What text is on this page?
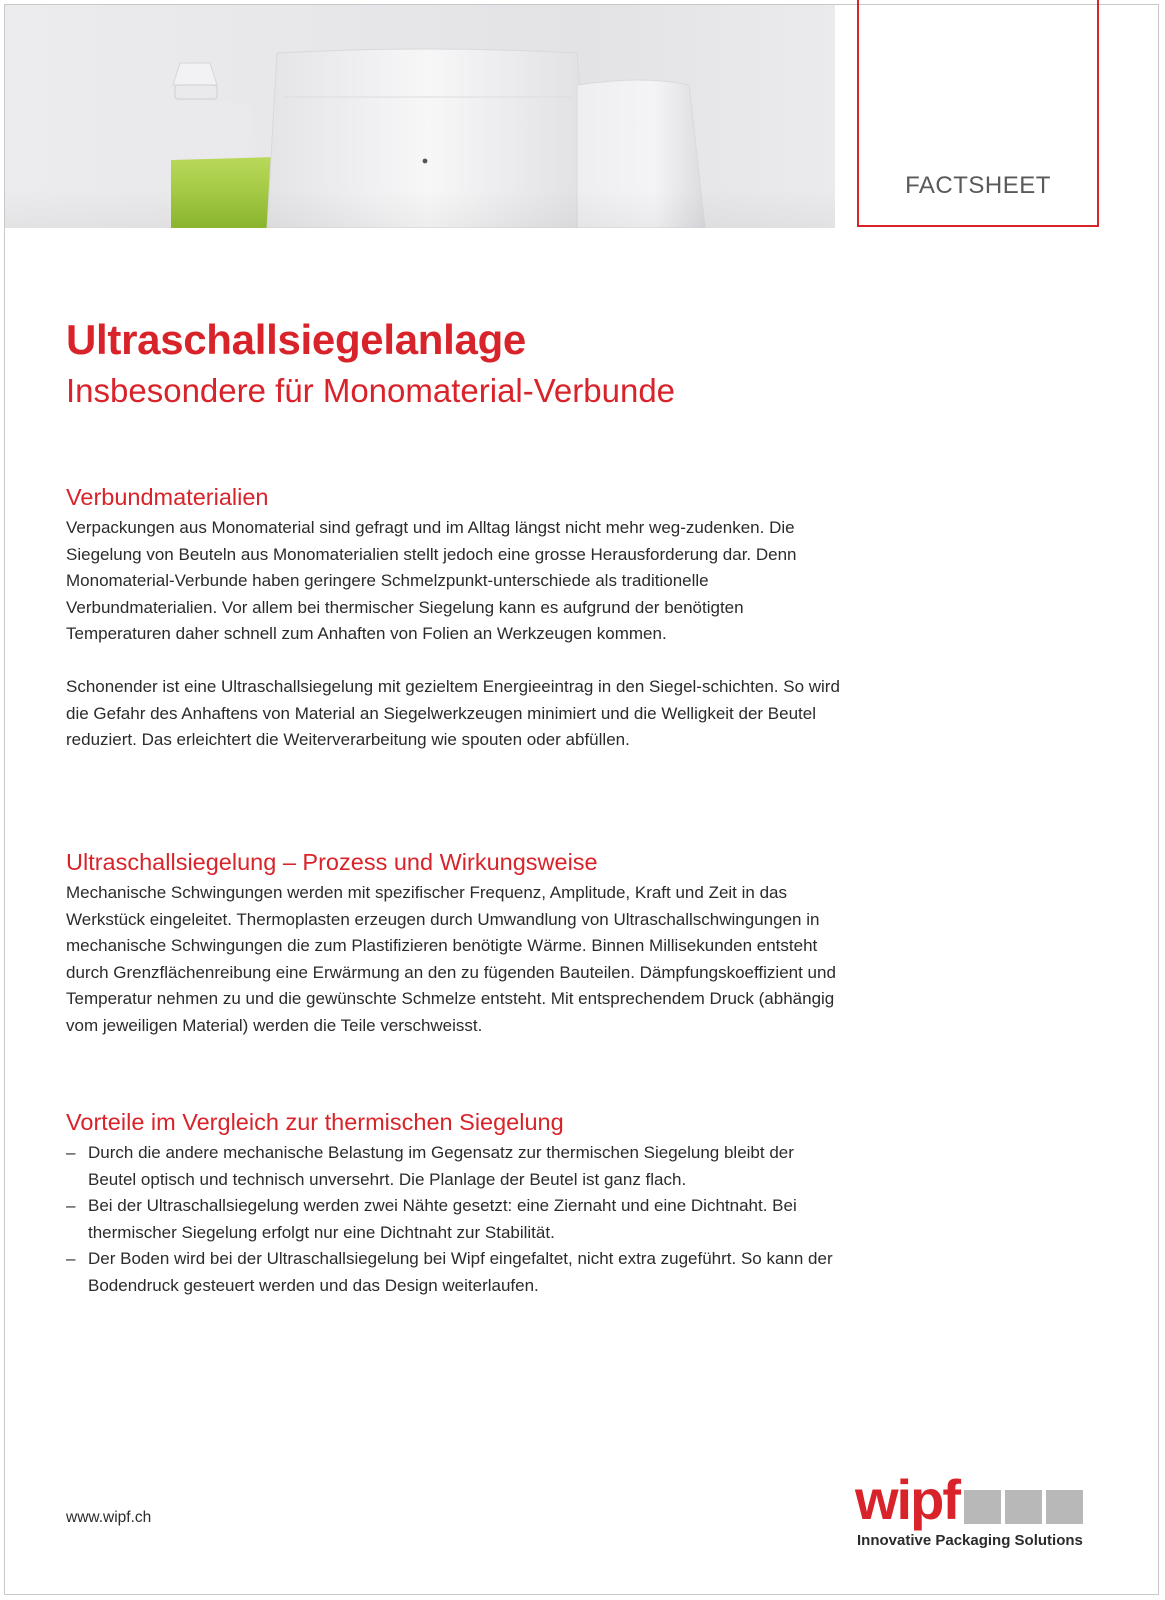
FACTSHEET
Ultraschallsiegelanlage
Insbesondere für Monomaterial-Verbunde
Verbundmaterialien

Verpackungen aus Monomaterial sind gefragt und im Alltag längst nicht mehr weg-zudenken. Die Siegelung von Beuteln aus Monomaterialien stellt jedoch eine grosse Herausforderung dar. Denn Monomaterial-Verbunde haben geringere Schmelzpunkt-unterschiede als traditionelle Verbundmaterialien. Vor allem bei thermischer Siegelung kann es aufgrund der benötigten Temperaturen daher schnell zum Anhaften von Folien an Werkzeugen kommen.

Schonender ist eine Ultraschallsiegelung mit gezieltem Energieeintrag in den Siegel-schichten. So wird die Gefahr des Anhaftens von Material an Siegelwerkzeugen minimiert und die Welligkeit der Beutel reduziert. Das erleichtert die Weiterverarbeitung wie spouten oder abfüllen.

Ultraschallsiegelung – Prozess und Wirkungsweise

Mechanische Schwingungen werden mit spezifischer Frequenz, Amplitude, Kraft und Zeit in das Werkstück eingeleitet. Thermoplasten erzeugen durch Umwandlung von Ultraschallschwingungen in mechanische Schwingungen die zum Plastifizieren benötigte Wärme. Binnen Millisekunden entsteht durch Grenzflächenreibung eine Erwärmung an den zu fügenden Bauteilen. Dämpfungskoeffizient und Temperatur nehmen zu und die gewünschte Schmelze entsteht. Mit entsprechendem Druck (abhängig vom jeweiligen Material) werden die Teile verschweisst.

Vorteile im Vergleich zur thermischen Siegelung
– Durch die andere mechanische Belastung im Gegensatz zur thermischen Siegelung bleibt der Beutel optisch und technisch unversehrt. Die Planlage der Beutel ist ganz flach.
– Bei der Ultraschallsiegelung werden zwei Nähte gesetzt: eine Ziernaht und eine Dichtnaht. Bei thermischer Siegelung erfolgt nur eine Dichtnaht zur Stabilität.
– Der Boden wird bei der Ultraschallsiegelung bei Wipf eingefaltet, nicht extra zugeführt. So kann der Bodendruck gesteuert werden und das Design weiterlaufen.
www.wipf.ch	wipf
Innovative Packaging Solutions
